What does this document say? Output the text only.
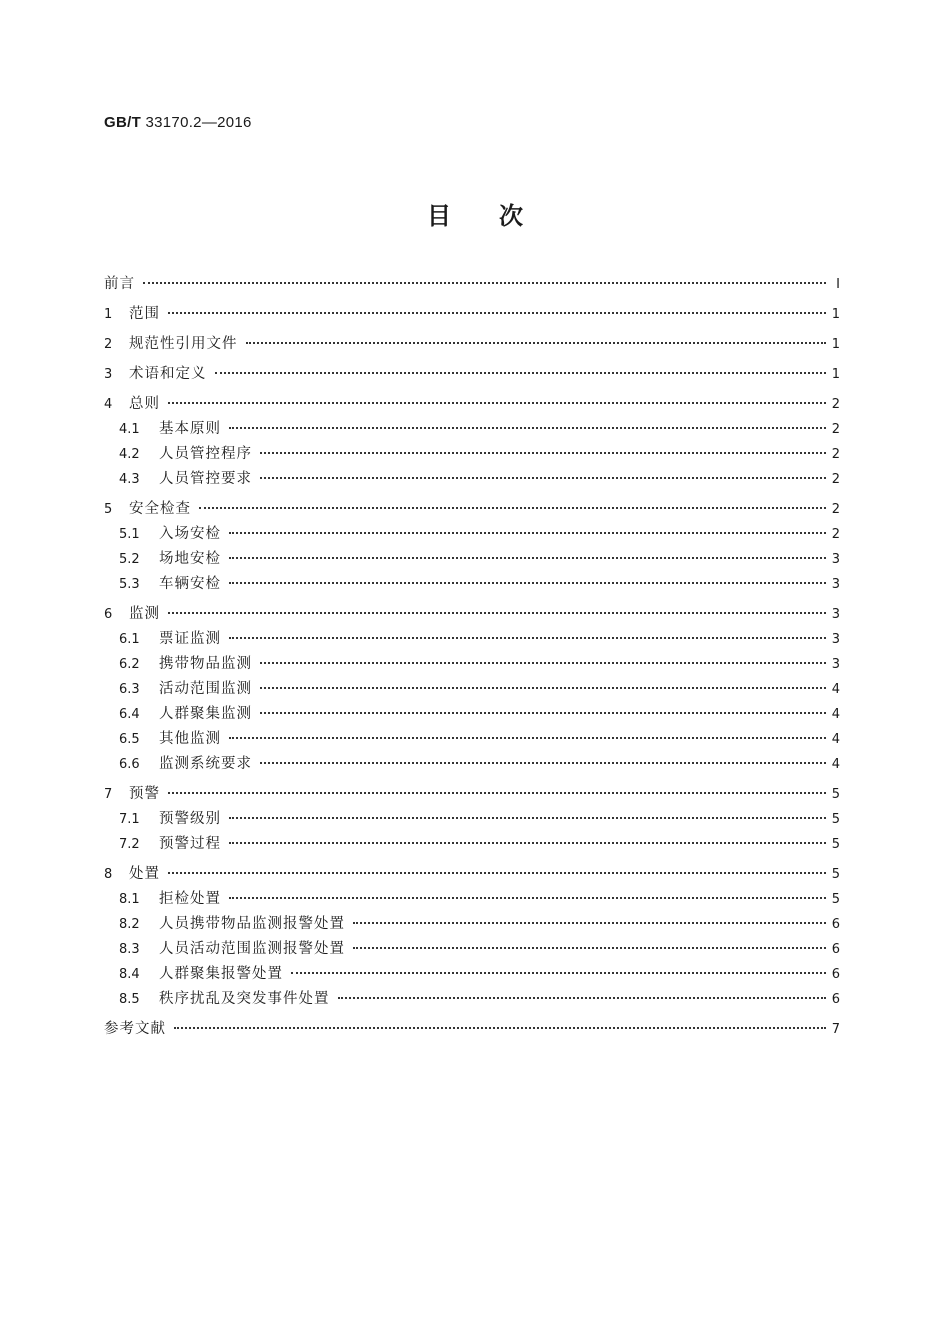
GB/T 33170.2—2016
目次
前言	Ⅰ
1	范围	1
2	规范性引用文件	1
3	术语和定义	1
4	总则	2
4.1	基本原则	2
4.2	人员管控程序	2
4.3	人员管控要求	2
5	安全检查	2
5.1	入场安检	2
5.2	场地安检	3
5.3	车辆安检	3
6	监测	3
6.1	票证监测	3
6.2	携带物品监测	3
6.3	活动范围监测	4
6.4	人群聚集监测	4
6.5	其他监测	4
6.6	监测系统要求	4
7	预警	5
7.1	预警级别	5
7.2	预警过程	5
8	处置	5
8.1	拒检处置	5
8.2	人员携带物品监测报警处置	6
8.3	人员活动范围监测报警处置	6
8.4	人群聚集报警处置	6
8.5	秩序扰乱及突发事件处置	6
参考文献	7
